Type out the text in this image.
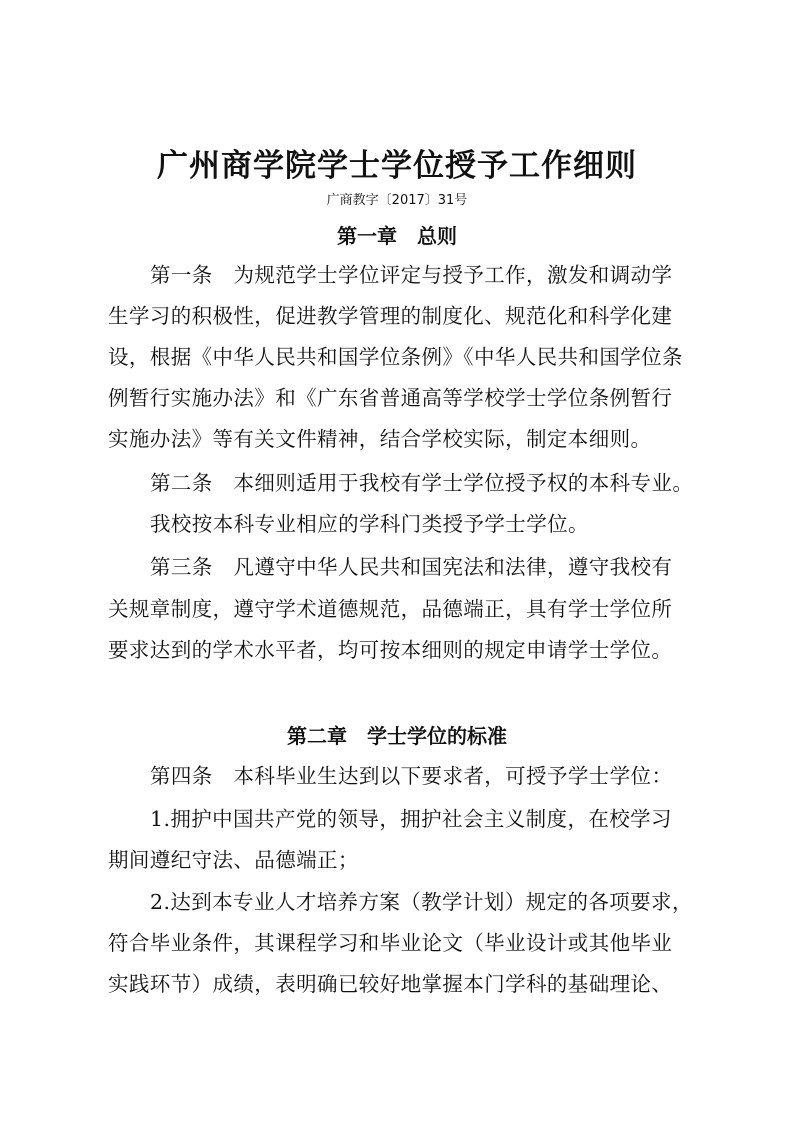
广州商学院学士学位授予工作细则

广商教字〔2017〕31号

第一章　总则

第一条 为规范学士学位评定与授予工作，激发和调动学

生学习的积极性，促进教学管理的制度化、规范化和科学化建

设，根据《中华人民共和国学位条例》《中华人民共和国学位条

例暂行实施办法》和《广东省普通高等学校学士学位条例暂行

实施办法》等有关文件精神，结合学校实际，制定本细则。

第二条 本细则适用于我校有学士学位授予权的本科专业。

我校按本科专业相应的学科门类授予学士学位。

第三条 凡遵守中华人民共和国宪法和法律，遵守我校有

关规章制度，遵守学术道德规范，品德端正，具有学士学位所

要求达到的学术水平者，均可按本细则的规定申请学士学位。

第二章　学士学位的标准

第四条 本科毕业生达到以下要求者，可授予学士学位：

1.拥护中国共产党的领导，拥护社会主义制度，在校学习

期间遵纪守法、品德端正；

2.达到本专业人才培养方案（教学计划）规定的各项要求，

符合毕业条件，其课程学习和毕业论文（毕业设计或其他毕业

实践环节）成绩，表明确已较好地掌握本门学科的基础理论、
